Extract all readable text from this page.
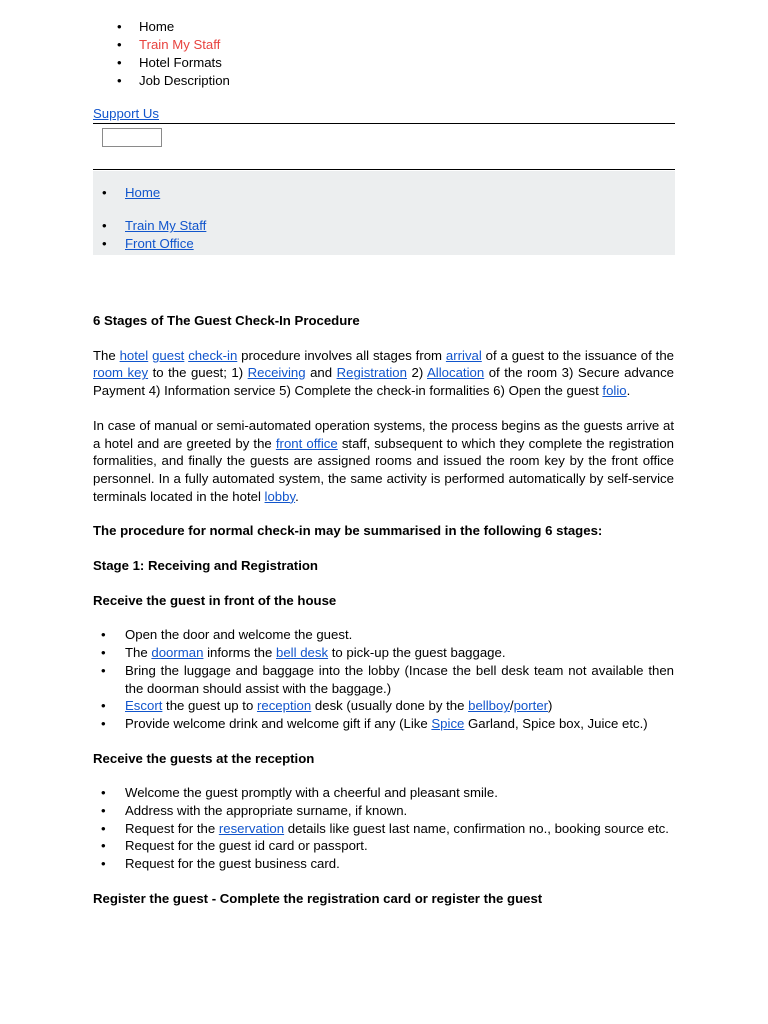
• Home
• Train My Staff
• Hotel Formats
• Job Description
Support Us
• Home
• Train My Staff
• Front Office
6 Stages of The Guest Check-In Procedure

The hotel guest check-in procedure involves all stages from arrival of a guest to the issuance of the room key to the guest; 1) Receiving and Registration 2) Allocation of the room 3) Secure advance Payment 4) Information service 5) Complete the check-in formalities 6) Open the guest folio.

In case of manual or semi-automated operation systems, the process begins as the guests arrive at a hotel and are greeted by the front office staff, subsequent to which they complete the registration formalities, and finally the guests are assigned rooms and issued the room key by the front office personnel. In a fully automated system, the same activity is performed automatically by self-service terminals located in the hotel lobby.

The procedure for normal check-in may be summarised in the following 6 stages:
Stage 1: Receiving and Registration
Receive the guest in front of the house
• Open the door and welcome the guest.
• The doorman informs the bell desk to pick-up the guest baggage.
• Bring the luggage and baggage into the lobby (Incase the bell desk team not available then the doorman should assist with the baggage.)
• Escort the guest up to reception desk (usually done by the bellboy/porter)
• Provide welcome drink and welcome gift if any (Like Spice Garland, Spice box, Juice etc.)
Receive the guests at the reception
• Welcome the guest promptly with a cheerful and pleasant smile.
• Address with the appropriate surname, if known.
• Request for the reservation details like guest last name, confirmation no., booking source etc.
• Request for the guest id card or passport.
• Request for the guest business card.
Register the guest - Complete the registration card or register the guest
